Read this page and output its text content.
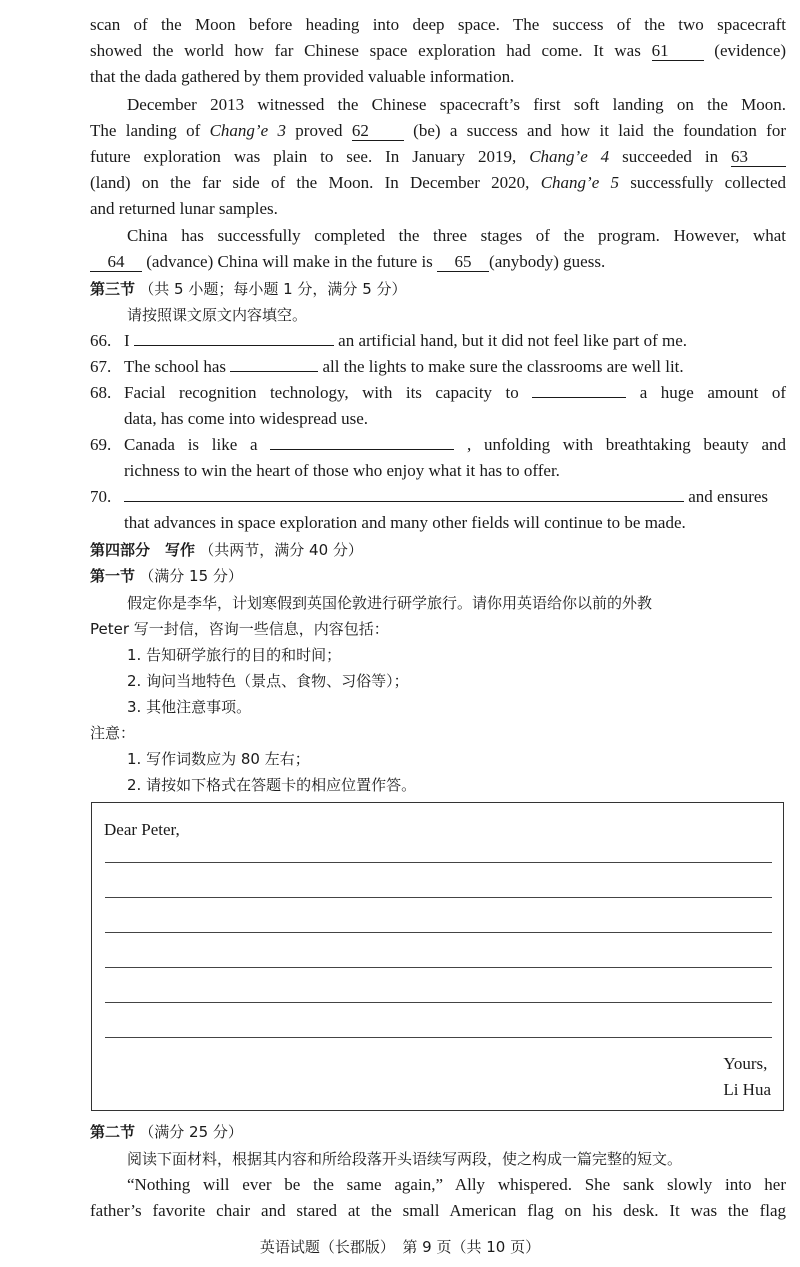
scan of the Moon before heading into deep space. The success of the two spacecraft
showed the world how far Chinese space exploration had come. It was 61	(evidence)
that the dada gathered by them provided valuable information.
December 2013 witnessed the Chinese spacecraft’s first soft landing on the Moon.
The landing of Chang’e 3 proved 62	(be) a success and how it laid the foundation for
future exploration was plain to see. In January 2019, Chang’e 4 succeeded in 63
(land) on the far side of the Moon. In December 2020, Chang’e 5 successfully collected
and returned lunar samples.
China has successfully completed the three stages of the program. However, what
64 (advance) China will make in the future is 65 (anybody) guess.
第三节 （共 5 小题；每小题 1 分，满分 5 分）
请按照课文原文内容填空。
66. I	an artificial hand, but it did not feel like part of me.
67. The school has	all the lights to make sure the classrooms are well lit.
68. Facial recognition technology, with its capacity to	a huge amount of
data, has come into widespread use.
69. Canada is like a	, unfolding with breathtaking beauty and
richness to win the heart of those who enjoy what it has to offer.
70.	and ensures
that advances in space exploration and many other fields will continue to be made.
第四部分　写作 （共两节，满分 40 分）
第一节 （满分 15 分）
假定你是李华，计划寒假到英国伦敦进行研学旅行。请你用英语给你以前的外教
Peter 写一封信，咨询一些信息，内容包括：
1. 告知研学旅行的目的和时间；
2. 询问当地特色（景点、食物、习俗等）；
3. 其他注意事项。
注意：
1. 写作词数应为 80 左右；
2. 请按如下格式在答题卡的相应位置作答。
Dear Peter,
Yours,
Li Hua
第二节 （满分 25 分）
阅读下面材料，根据其内容和所给段落开头语续写两段，使之构成一篇完整的短文。
“Nothing will ever be the same again,” Ally whispered. She sank slowly into her
father’s favorite chair and stared at the small American flag on his desk. It was the flag
英语试题（长郡版）　第 9 页（共 10 页）
